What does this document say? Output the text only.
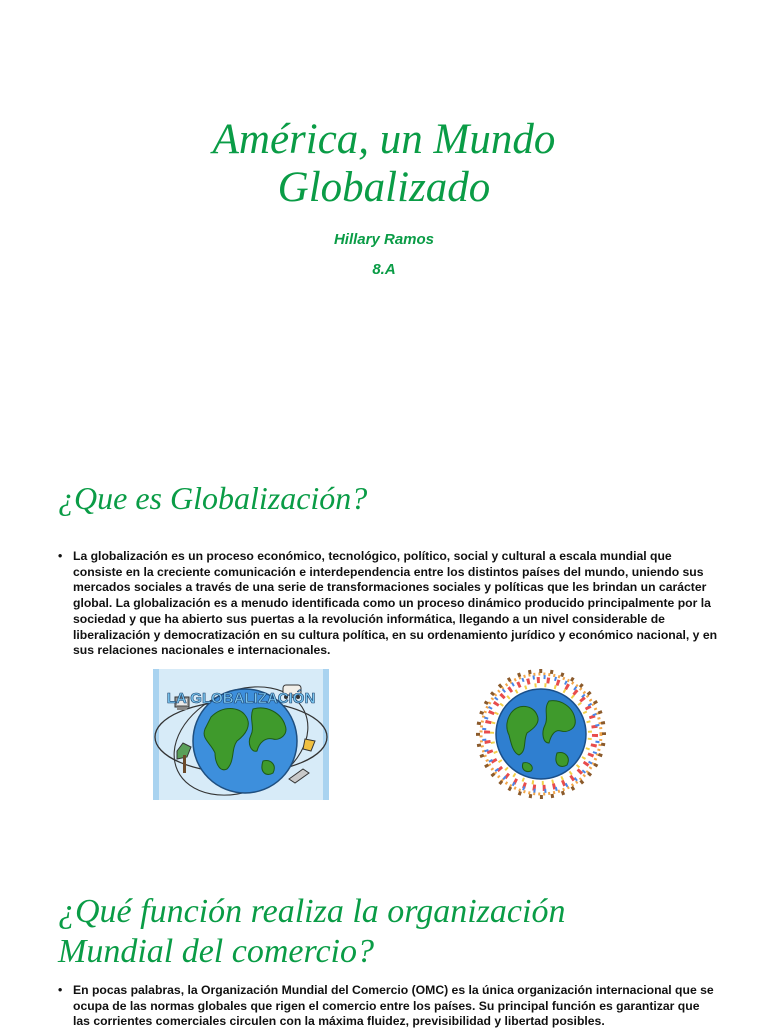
América, un Mundo
Globalizado

Hillary Ramos

8.A

¿Que es Globalización?
• La globalización es un proceso económico, tecnológico, político, social y cultural a escala mundial que consiste en la creciente comunicación e interdependencia entre los distintos países del mundo, uniendo sus mercados sociales a través de una serie de transformaciones sociales y políticas que les brindan un carácter global. La globalización es a menudo identificada como un proceso dinámico producido principalmente por la sociedad y que ha abierto sus puertas a la revolución informática, llegando a un nivel considerable de liberalización y democratización en su cultura política, en su ordenamiento jurídico y económico nacional, y en sus relaciones nacionales e internacionales.
LA GLOBALIZACIÓN
¿Qué función realiza la organización
Mundial del comercio?
• En pocas palabras, la Organización Mundial del Comercio (OMC) es la única organización internacional que se ocupa de las normas globales que rigen el comercio entre los países. Su principal función es garantizar que las corrientes comerciales circulen con la máxima fluidez, previsibilidad y libertad posibles.
